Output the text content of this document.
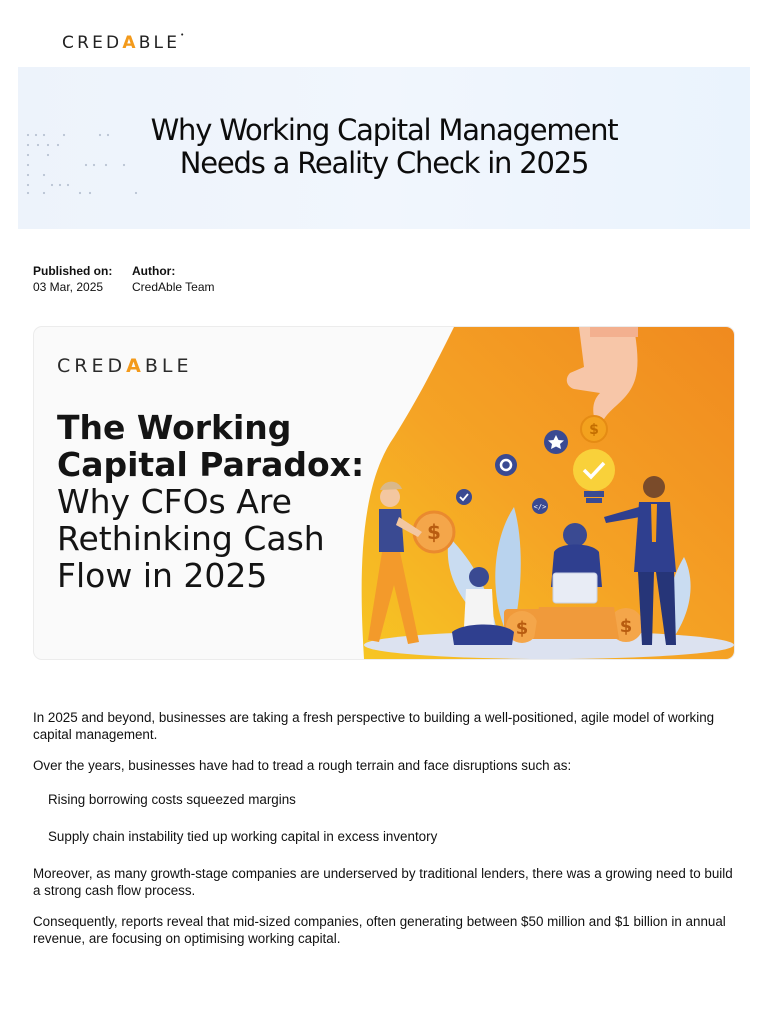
CREDABLE•
Why Working Capital Management
Needs a Reality Check in 2025
Published on:
03 Mar, 2025
Author:
CredAble Team
$
</>
$	$
$
CREDABLE
The Working
Capital Paradox:
Why CFOs Are
Rethinking Cash
Flow in 2025

In 2025 and beyond, businesses are taking a fresh perspective to building a well-positioned, agile model of working capital management.

Over the years, businesses have had to tread a rough terrain and face disruptions such as:

Rising borrowing costs squeezed margins

Supply chain instability tied up working capital in excess inventory

Moreover, as many growth-stage companies are underserved by traditional lenders, there was a growing need to build a strong cash flow process.

Consequently, reports reveal that mid-sized companies, often generating between $50 million and $1 billion in annual revenue, are focusing on optimising working capital.
